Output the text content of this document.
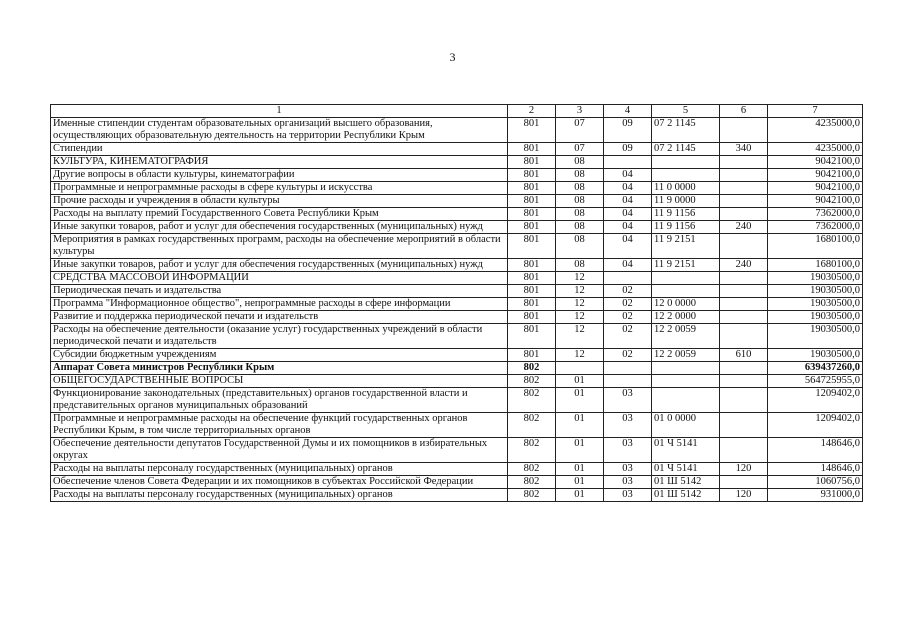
3
1	2	3	4	5	6	7
Именные стипендии студентам образовательных организаций высшего образования, осуществляющих образовательную деятельность на территории Республики Крым	801	07	09	07 2 1145		4235000,0
Стипендии	801	07	09	07 2 1145	340	4235000,0
КУЛЬТУРА, КИНЕМАТОГРАФИЯ	801	08				9042100,0
Другие вопросы в области культуры, кинематографии	801	08	04			9042100,0
Программные и непрограммные расходы в сфере культуры и искусства	801	08	04	11 0 0000		9042100,0
Прочие расходы и учреждения в области культуры	801	08	04	11 9 0000		9042100,0
Расходы на выплату премий Государственного Совета Республики Крым	801	08	04	11 9 1156		7362000,0
Иные закупки товаров, работ и услуг для обеспечения государственных (муниципальных) нужд	801	08	04	11 9 1156	240	7362000,0
Мероприятия в рамках государственных программ, расходы на обеспечение мероприятий в области культуры	801	08	04	11 9 2151		1680100,0
Иные закупки товаров, работ и услуг для обеспечения государственных (муниципальных) нужд	801	08	04	11 9 2151	240	1680100,0
СРЕДСТВА МАССОВОЙ ИНФОРМАЦИИ	801	12				19030500,0
Периодическая печать и издательства	801	12	02			19030500,0
Программа "Информационное общество", непрограммные расходы в сфере информации	801	12	02	12 0 0000		19030500,0
Развитие и поддержка периодической печати и издательств	801	12	02	12 2 0000		19030500,0
Расходы на обеспечение деятельности (оказание услуг) государственных учреждений в области периодической печати и издательств	801	12	02	12 2 0059		19030500,0
Субсидии бюджетным учреждениям	801	12	02	12 2 0059	610	19030500,0
Аппарат Совета министров Республики Крым	802					639437260,0
ОБЩЕГОСУДАРСТВЕННЫЕ ВОПРОСЫ	802	01				564725955,0
Функционирование законодательных (представительных) органов государственной власти и представительных органов муниципальных образований	802	01	03			1209402,0
Программные и непрограммные расходы на обеспечение функций государственных органов Республики Крым, в том числе территориальных органов	802	01	03	01 0 0000		1209402,0
Обеспечение деятельности депутатов Государственной Думы и их помощников в избирательных округах	802	01	03	01 Ч 5141		148646,0
Расходы на выплаты персоналу государственных (муниципальных) органов	802	01	03	01 Ч 5141	120	148646,0
Обеспечение членов Совета Федерации и их помощников в субъектах Российской Федерации	802	01	03	01 Ш 5142		1060756,0
Расходы на выплаты персоналу государственных (муниципальных) органов	802	01	03	01 Ш 5142	120	931000,0
